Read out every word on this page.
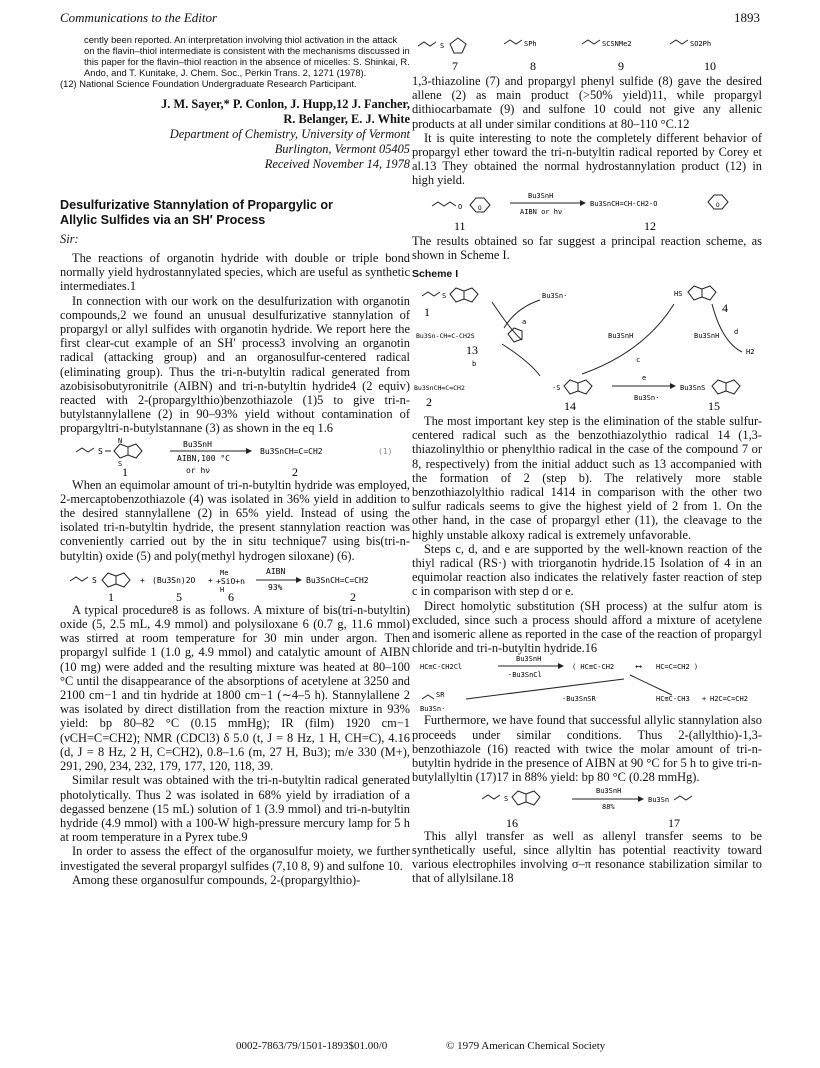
Communications to the Editor	1893
cently been reported. An interpretation involving thiol activation in the attack on the flavin–thiol intermediate is consistent with the mechanisms discussed in this paper for the flavin–thiol reaction in the absence of micelles: S. Shinkai, R. Ando, and T. Kunitake, J. Chem. Soc., Perkin Trans. 2, 1271 (1978).
(12) National Science Foundation Undergraduate Research Participant.
J. M. Sayer,* P. Conlon, J. Hupp,12 J. Fancher,
R. Belanger, E. J. White
Department of Chemistry, University of Vermont
Burlington, Vermont 05405
Received November 14, 1978
Desulfurizative Stannylation of Propargylic or
Allylic Sulfides via an SH′ Process
Sir:

The reactions of organotin hydride with double or triple bond normally yield hydrostannylated species, which are useful as synthetic intermediates.1

In connection with our work on the desulfurization with organotin compounds,2 we found an unusual desulfurizative stannylation of propargyl or allyl sulfides with organotin hydride. We report here the first clear-cut example of an SH′ process3 involving an organotin radical (attacking group) and an organosulfur-centered radical (eliminating group). Thus the tri-n-butyltin radical generated from azobisisobutyronitrile (AIBN) and tri-n-butyltin hydride4 (2 equiv) reacted with 2-(propargylthio)benzothiazole (1)5 to give tri-n-butylstannylallene (2) in 90–93% yield without contamination of propargyltri-n-butylstannane (3) as shown in the eq 1.6

S
N
S
Bu3SnH
AIBN,100 °C
or hν
Bu3SnCH=C=CH2	(1)
1	2

When an equimolar amount of tri-n-butyltin hydride was employed, 2-mercaptobenzothiazole (4) was isolated in 36% yield in addition to the desired stannylallene (2) in 65% yield. Instead of using the isolated tri-n-butyltin hydride, the present stannylation reaction was conveniently carried out by the in situ technique7 using bis(tri-n-butyltin) oxide (5) and poly(methyl hydrogen siloxane) (6).

S	+ (Bu3Sn)2O +
Me
+SiO+n
H
AIBN
93%
Bu3SnCH=C=CH2
1	5	6	2

A typical procedure8 is as follows. A mixture of bis(tri-n-butyltin) oxide (5, 2.5 mL, 4.9 mmol) and polysiloxane 6 (0.7 g, 11.6 mmol) was stirred at room temperature for 30 min under argon. Then propargyl sulfide 1 (1.0 g, 4.9 mmol) and catalytic amount of AIBN (10 mg) were added and the resulting mixture was heated at 80–100 °C until the disappearance of the absorptions of acetylene at 3250 and 2100 cm−1 and tin hydride at 1800 cm−1 (∼4–5 h). Stannylallene 2 was isolated by direct distillation from the reaction mixture in 93% yield: bp 80–82 °C (0.15 mmHg); IR (film) 1920 cm−1 (νCH=C=CH2); NMR (CDCl3) δ 5.0 (t, J = 8 Hz, 1 H, CH=C), 4.16 (d, J = 8 Hz, 2 H, C=CH2), 0.8–1.6 (m, 27 H, Bu3); m/e 330 (M+), 291, 290, 234, 232, 179, 177, 120, 118, 39.

Similar result was obtained with the tri-n-butyltin radical generated photolytically. Thus 2 was isolated in 68% yield by irradiation of a degassed benzene (15 mL) solution of 1 (3.9 mmol) and tri-n-butyltin hydride (4.9 mmol) with a 100-W high-pressure mercury lamp for 5 h at room temperature in a Pyrex tube.9

In order to assess the effect of the organosulfur moiety, we further investigated the several propargyl sulfides (7,10 8, 9) and sulfone 10.

Among these organosulfur compounds, 2-(propargylthio)-

S
7
SPh
8
SCSNMe2
9
SO2Ph
10

1,3-thiazoline (7) and propargyl phenyl sulfide (8) gave the desired allene (2) as main product (>50% yield)11, while propargyl dithiocarbamate (9) and sulfone 10 could not give any allenic products at all under similar conditions at 80–110 °C.12

It is quite interesting to note the completely different behavior of propargyl ether toward the tri-n-butyltin radical reported by Corey et al.13 They obtained the normal hydrostannylation product (12) in high yield.

O	O
Bu3SnH
AIBN or hν
Bu3SnCH=CH-CH2-O	O
11	12

The results obtained so far suggest a principal reaction scheme, as shown in Scheme I.

Scheme I
S
1
Bu3Sn·
a
HS
4
Bu3Sn-CH=C-CH2S
13
b
Bu3SnH
c
Bu3SnH d
H2
Bu3SnCH=C=CH2
2
·S
14
e
Bu3Sn·
Bu3SnS
15

The most important key step is the elimination of the stable sulfur-centered radical such as the benzothiazolythio radical 14 (1,3-thiazolinylthio or phenylthio radical in the case of the compound 7 or 8, respectively) from the initial adduct such as 13 accompanied with the formation of 2 (step b). The relatively more stable benzothiazolylthio radical 1414 in comparison with the other two sulfur radicals seems to give the highest yield of 2 from 1. On the other hand, in the case of propargyl ether (11), the cleavage to the highly unstable alkoxy radical is extremely unfavorable.

Steps c, d, and e are supported by the well-known reaction of the thiyl radical (RS·) with triorganotin hydride.15 Isolation of 4 in an equimolar reaction also indicates the relatively faster reaction of step c in comparison with step d or e.

Direct homolytic substitution (SH process) at the sulfur atom is excluded, since such a process should afford a mixture of acetylene and isomeric allene as reported in the case of the reaction of propargyl chloride and tri-n-butyltin hydride.16

HC≡C-CH2Cl
Bu3SnH
-Bu3SnCl
( HC≡C-CH2 ⟷ HC=C=CH2 )
-Bu3SnSR	HC≡C-CH3 + H2C=C=CH2
SR
Bu3Sn·

Furthermore, we have found that successful allylic stannylation also proceeds under similar conditions. Thus 2-(allylthio)-1,3-benzothiazole (16) reacted with twice the molar amount of tri-n-butyltin hydride in the presence of AIBN at 90 °C for 5 h to give tri-n-butylallyltin (17)17 in 88% yield: bp 80 °C (0.28 mmHg).

S
Bu3SnH
88%
Bu3Sn
16	17

This allyl transfer as well as allenyl transfer seems to be synthetically useful, since allyltin has potential reactivity toward various electrophiles involving σ–π resonance stabilization similar to that of allylsilane.18

0002-7863/79/1501-1893$01.00/0	© 1979 American Chemical Society
